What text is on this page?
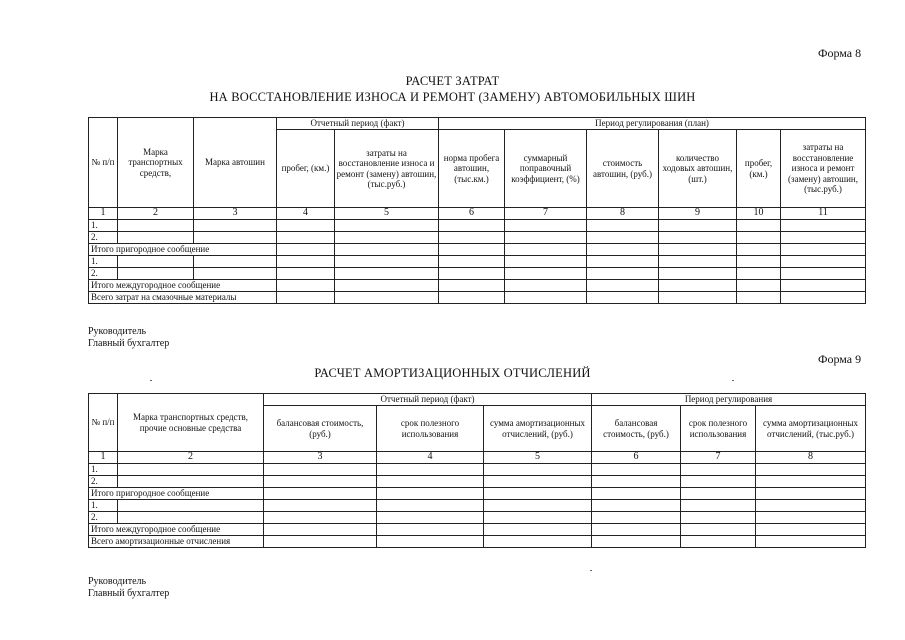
Форма 8
РАСЧЕТ ЗАТРАТ
НА ВОССТАНОВЛЕНИЕ ИЗНОСА И РЕМОНТ (ЗАМЕНУ) АВТОМОБИЛЬНЫХ ШИН
№ п/п	Марка транспортных средств,	Марка автошин	Отчетный период (факт)		Период регулирования (план)					
			пробег, (км.)	затраты на восстановление износа и ремонт (замену) автошин, (тыс.руб.)	норма пробега автошин, (тыс.км.)	суммарный поправочный коэффициент, (%)	стоимость автошин, (руб.)	количество ходовых автошин, (шт.)	пробег, (км.)	затраты на восстановление износа и ремонт (замену) автошин, (тыс.руб.)
1	2	3	4	5	6	7	8	9	10	11
1.										
2.										
Итого пригородное сообщение										
1.										
2.										
Итого междугородное сообщение										
Всего затрат на смазочные материалы										
Руководитель
Главный бухгалтер
Форма 9
РАСЧЕТ АМОРТИЗАЦИОННЫХ ОТЧИСЛЕНИЙ
№ п/п	Марка транспортных средств, прочие основные средства	Отчетный период (факт)			Период регулирования		
		балансовая стоимость, (руб.)	срок полезного использования	сумма амортизационных отчислений, (руб.)	балансовая стоимость, (руб.)	срок полезного использования	сумма амортизационных отчислений, (тыс.руб.)
1	2	3	4	5	6	7	8
1.							
2.							
Итого пригородное сообщение							
1.							
2.							
Итого междугородное сообщение							
Всего амортизационные отчисления							
Руководитель
Главный бухгалтер
